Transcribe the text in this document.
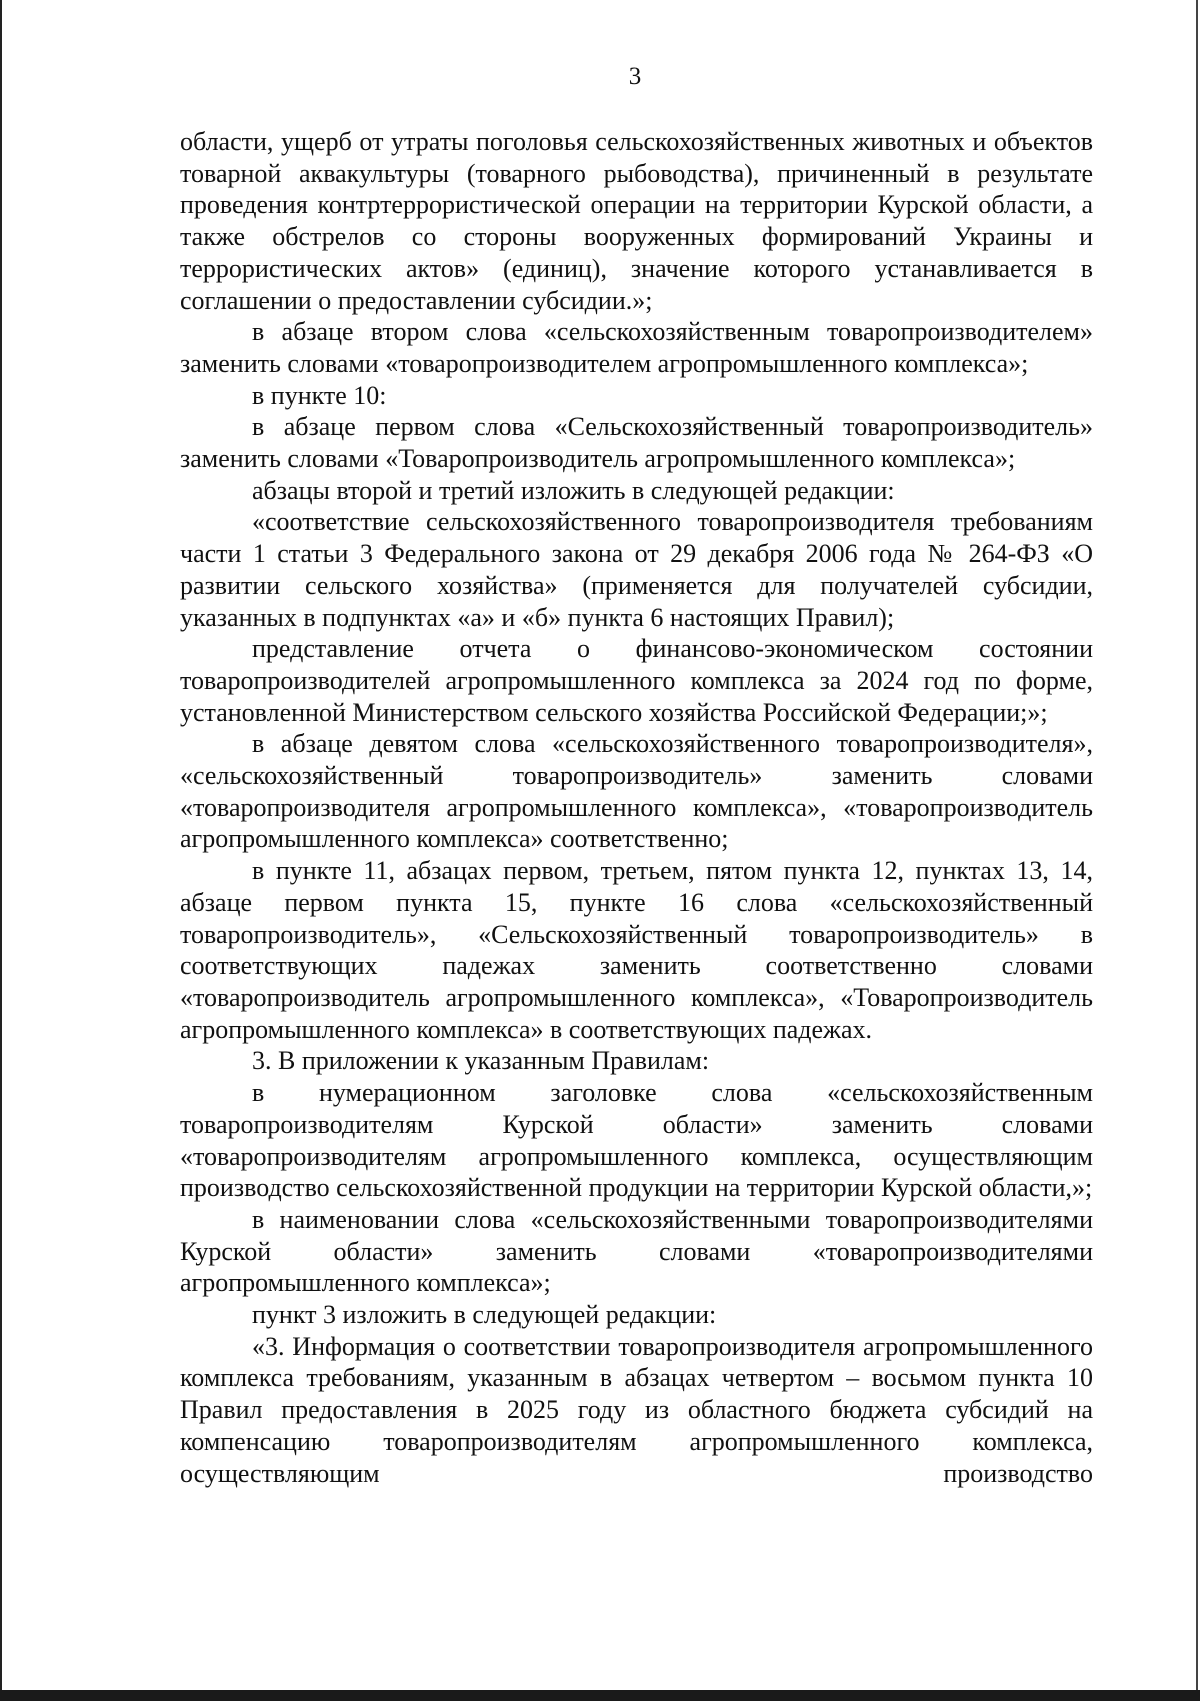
3

области, ущерб от утраты поголовья сельскохозяйственных животных и объектов товарной аквакультуры (товарного рыбоводства), причиненный в результате проведения контртеррористической операции на территории Курской области, а также обстрелов со стороны вооруженных формирований Украины и террористических актов» (единиц), значение которого устанавливается в соглашении о предоставлении субсидии.»;

в абзаце втором слова «сельскохозяйственным товаропроизводителем» заменить словами «товаропроизводителем агропромышленного комплекса»;

в пункте 10:

в абзаце первом слова «Сельскохозяйственный товаропроизводитель» заменить словами «Товаропроизводитель агропромышленного комплекса»;

абзацы второй и третий изложить в следующей редакции:

«соответствие сельскохозяйственного товаропроизводителя требованиям части 1 статьи 3 Федерального закона от 29 декабря 2006 года № 264-ФЗ «О развитии сельского хозяйства» (применяется для получателей субсидии, указанных в подпунктах «а» и «б» пункта 6 настоящих Правил);

представление отчета о финансово-экономическом состоянии товаропроизводителей агропромышленного комплекса за 2024 год по форме, установленной Министерством сельского хозяйства Российской Федерации;»;

в абзаце девятом слова «сельскохозяйственного товаропроизводителя», «сельскохозяйственный товаропроизводитель» заменить словами «товаропроизводителя агропромышленного комплекса», «товаропроизводитель агропромышленного комплекса» соответственно;

в пункте 11, абзацах первом, третьем, пятом пункта 12, пунктах 13, 14, абзаце первом пункта 15, пункте 16 слова «сельскохозяйственный товаропроизводитель», «Сельскохозяйственный товаропроизводитель» в соответствующих падежах заменить соответственно словами «товаропроизводитель агропромышленного комплекса», «Товаропроизводитель агропромышленного комплекса» в соответствующих падежах.

3. В приложении к указанным Правилам:

в нумерационном заголовке слова «сельскохозяйственным товаропроизводителям Курской области» заменить словами «товаропроизводителям агропромышленного комплекса, осуществляющим производство сельскохозяйственной продукции на территории Курской области,»;

в наименовании слова «сельскохозяйственными товаропроизводителями Курской области» заменить словами «товаропроизводителями агропромышленного комплекса»;

пункт 3 изложить в следующей редакции:

«3. Информация о соответствии товаропроизводителя агропромышленного комплекса требованиям, указанным в абзацах четвертом – восьмом пункта 10 Правил предоставления в 2025 году из областного бюджета субсидий на компенсацию товаропроизводителям агропромышленного комплекса, осуществляющим производство
